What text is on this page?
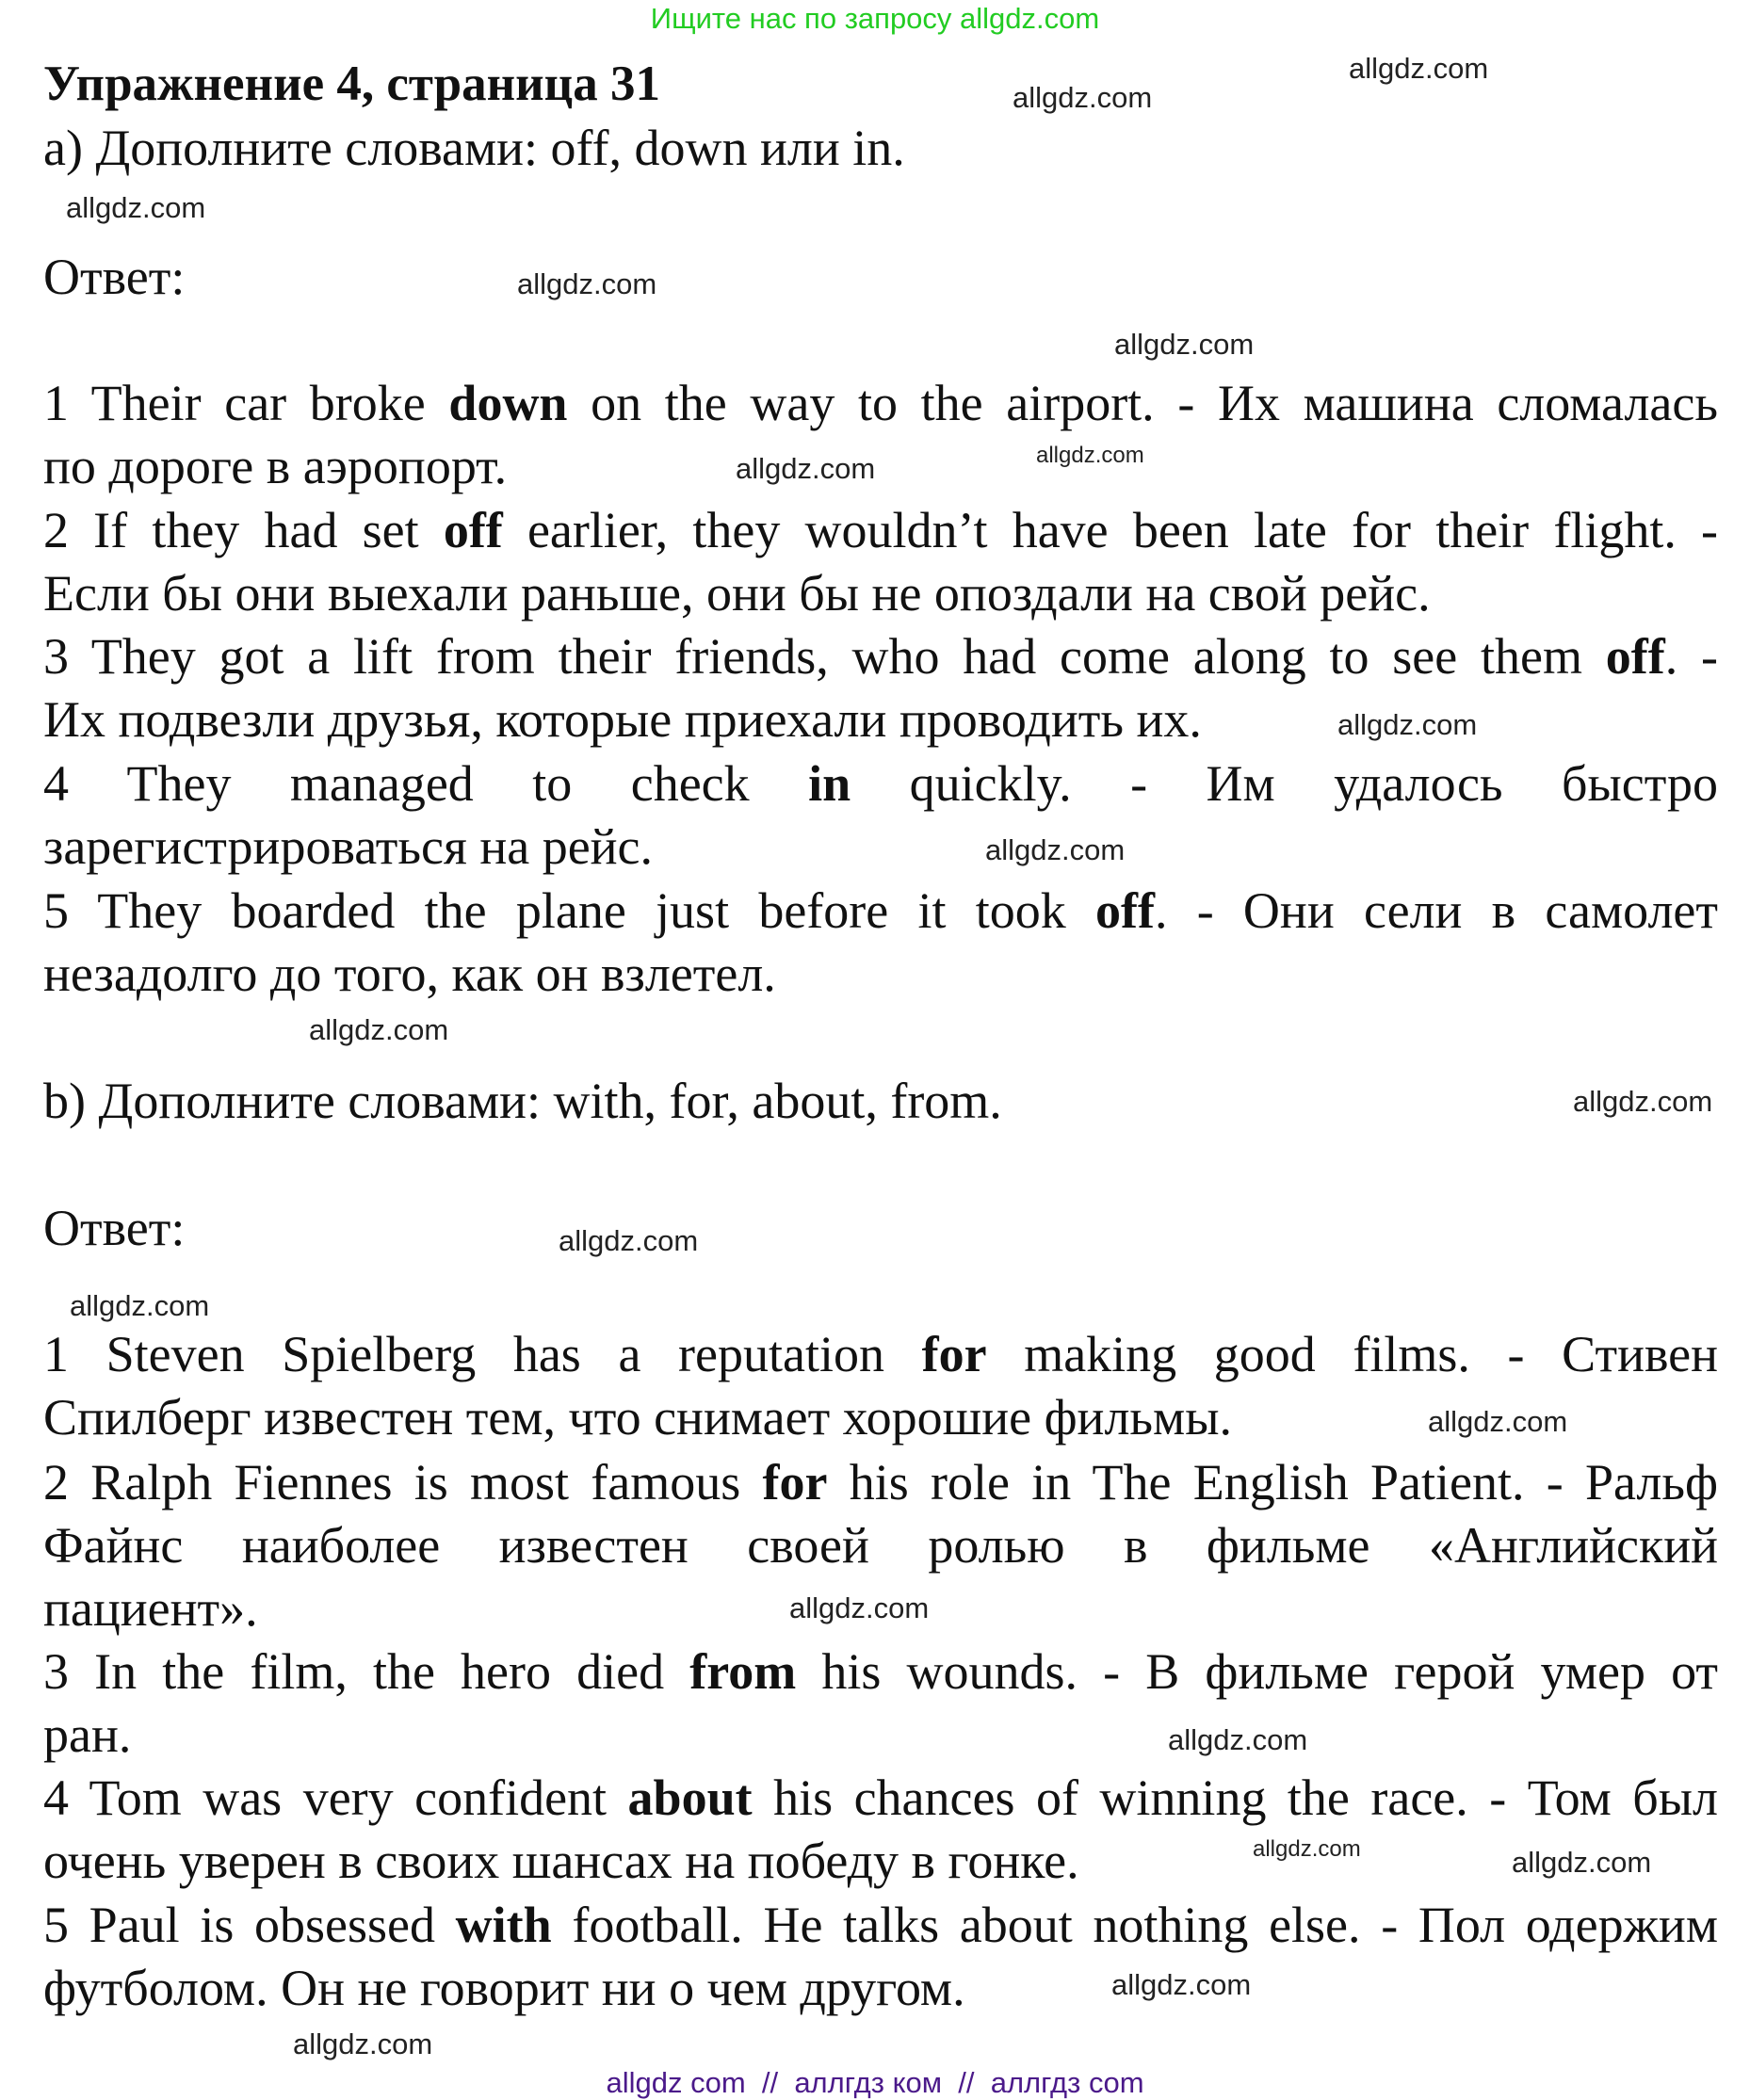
Ищите нас по запросу allgdz.com
Упражнение 4, страница 31
a) Дополните словами: off, down или in.
Ответ:
b) Дополните словами: with, for, about, from.
Ответ:
1 Their car broke down on the way to the airport. - Их машина сломалась
по дороге в аэропорт.
2 If they had set off earlier, they wouldn’t have been late for their flight. -
Если бы они выехали раньше, они бы не опоздали на свой рейс.
3 They got a lift from their friends, who had come along to see them off. -
Их подвезли друзья, которые приехали проводить их.
4 They managed to check in quickly. - Им удалось быстро
зарегистрироваться на рейс.
5 They boarded the plane just before it took off. - Они сели в самолет
незадолго до того, как он взлетел.
1 Steven Spielberg has a reputation for making good films. - Стивен
Спилберг известен тем, что снимает хорошие фильмы.
2 Ralph Fiennes is most famous for his role in The English Patient. - Ральф
Файнс наиболее известен своей ролью в фильме «Английский
пациент».
3 In the film, the hero died from his wounds. - В фильме герой умер от
ран.
4 Tom was very confident about his chances of winning the race. - Том был
очень уверен в своих шансах на победу в гонке.
5 Paul is obsessed with football. He talks about nothing else. - Пол одержим
футболом. Он не говорит ни о чем другом.
allgdz.com
allgdz.com
allgdz.com
allgdz.com
allgdz.com
allgdz.com
allgdz.com
allgdz.com
allgdz.com
allgdz.com
allgdz.com
allgdz.com
allgdz.com
allgdz.com
allgdz.com
allgdz.com
allgdz.com	allgdz.com
allgdz.com
allgdz.com
allgdz com  //  аллгдз ком  //  аллгдз com
